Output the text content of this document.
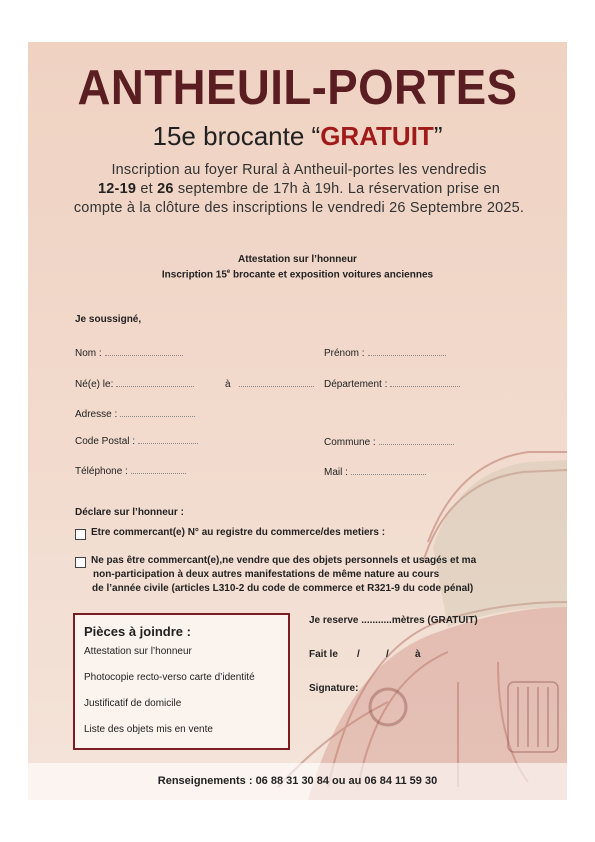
ANTHEUIL-PORTES
15e brocante “GRATUIT”
Inscription au foyer Rural à Antheuil-portes les vendredis
12-19 et 26 septembre de 17h à 19h. La réservation prise en
compte à la clôture des inscriptions le vendredi 26 Septembre 2025.
Attestation sur l’honneur
Inscription 15e brocante et exposition voitures anciennes
Je soussigné,
Nom :	Prénom :
Né(e) le:	à	Département :
Adresse :
Code Postal :	Commune :
Téléphone :	Mail :
Déclare sur l’honneur :
Etre commercant(e) N° au registre du commerce/des metiers :
Ne pas être commercant(e),ne vendre que des objets personnels et usagés et ma
non-participation à deux autres manifestations de même nature au cours
de l’année civile (articles L310-2 du code de commerce et R321-9 du code pénal)
Pièces à joindre :
Attestation sur l’honneur
Photocopie recto-verso carte d’identité
Justificatif de domicile
Liste des objets mis en vente
Je reserve ...........mètres (GRATUIT)
Fait le /	/	à
Signature:
Renseignements : 06 88 31 30 84 ou au 06 84 11 59 30
